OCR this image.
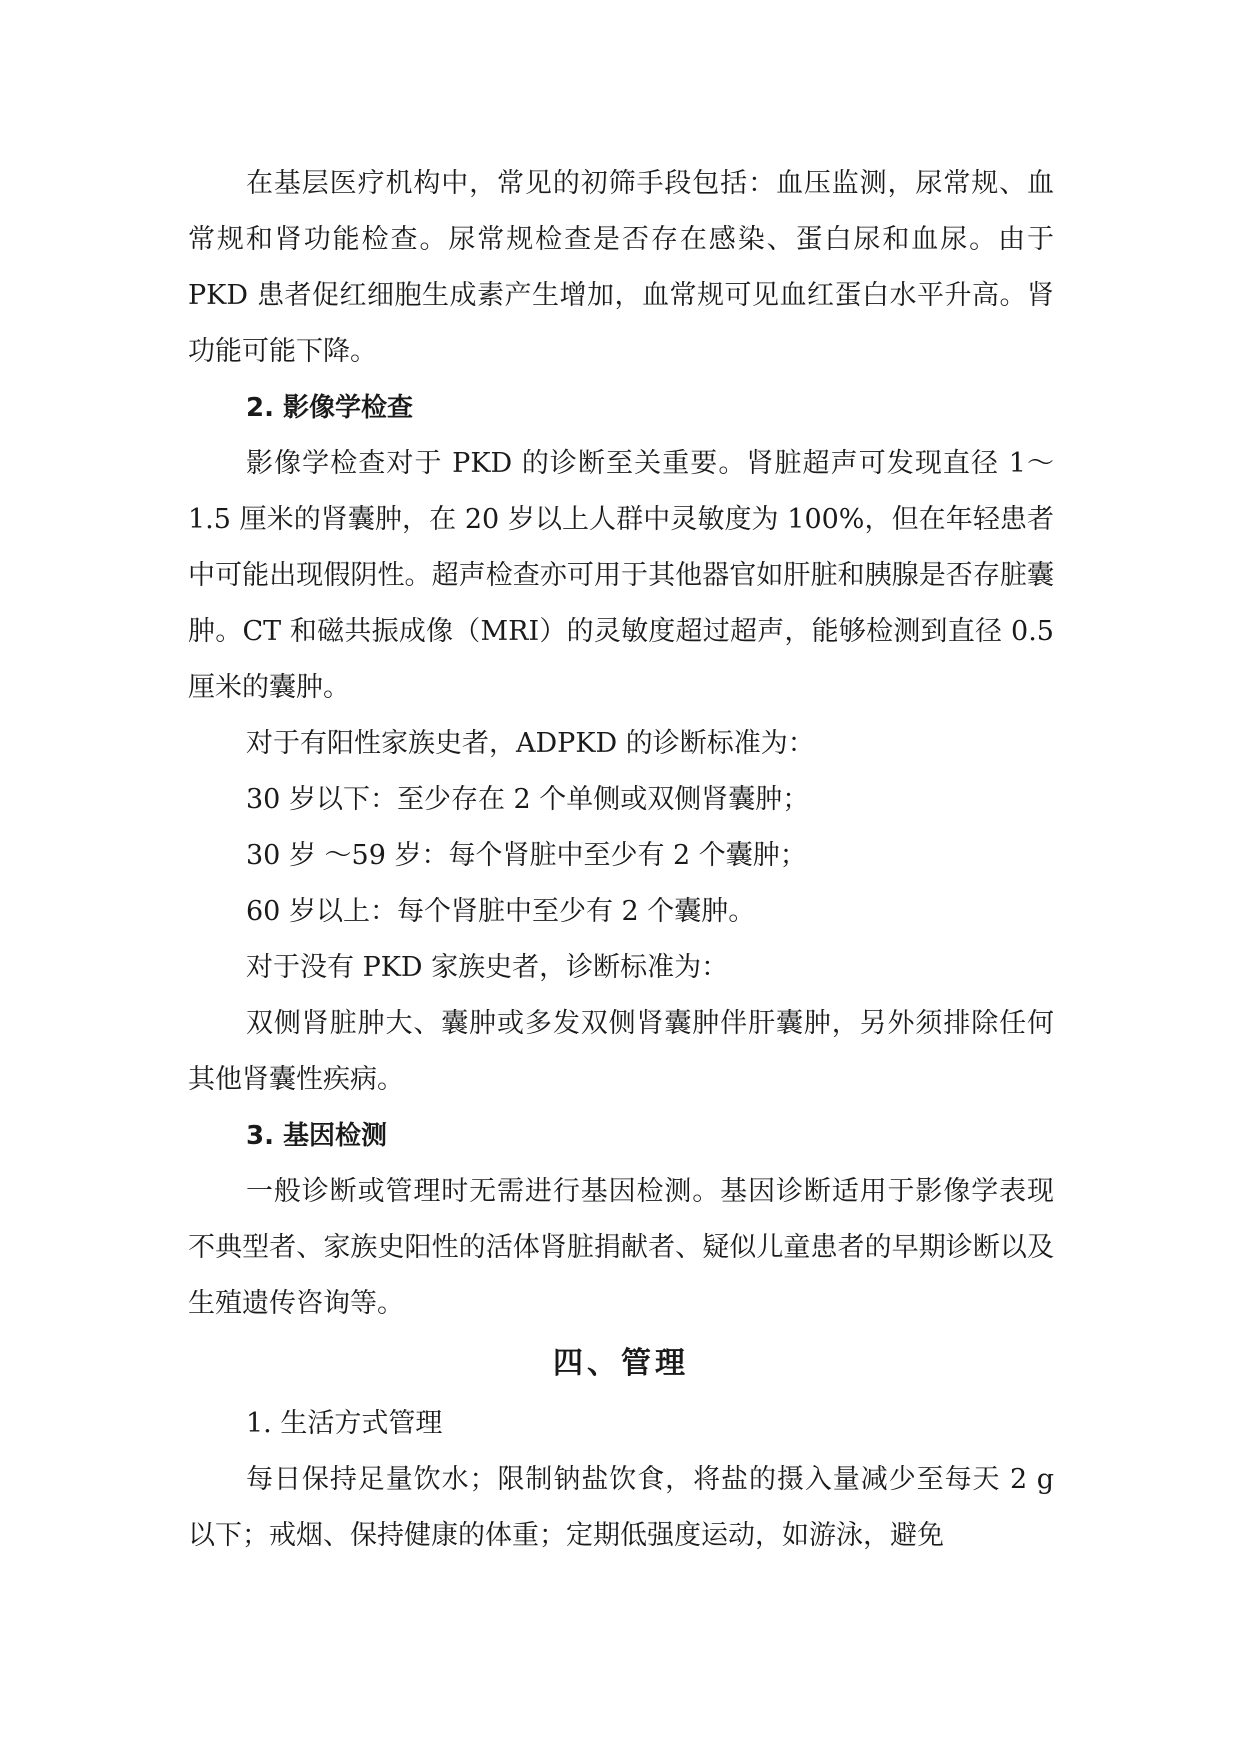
在基层医疗机构中，常见的初筛手段包括：血压监测，尿常规、血常规和肾功能检查。尿常规检查是否存在感染、蛋白尿和血尿。由于 PKD 患者促红细胞生成素产生增加，血常规可见血红蛋白水平升高。肾功能可能下降。

2. 影像学检查

影像学检查对于 PKD 的诊断至关重要。肾脏超声可发现直径 1～1.5 厘米的肾囊肿，在 20 岁以上人群中灵敏度为 100%，但在年轻患者中可能出现假阴性。超声检查亦可用于其他器官如肝脏和胰腺是否存脏囊肿。CT 和磁共振成像（MRI）的灵敏度超过超声，能够检测到直径 0.5 厘米的囊肿。

对于有阳性家族史者，ADPKD 的诊断标准为：

30 岁以下：至少存在 2 个单侧或双侧肾囊肿；

30 岁 ～59 岁：每个肾脏中至少有 2 个囊肿；

60 岁以上：每个肾脏中至少有 2 个囊肿。

对于没有 PKD 家族史者，诊断标准为：

双侧肾脏肿大、囊肿或多发双侧肾囊肿伴肝囊肿，另外须排除任何其他肾囊性疾病。

3. 基因检测

一般诊断或管理时无需进行基因检测。基因诊断适用于影像学表现不典型者、家族史阳性的活体肾脏捐献者、疑似儿童患者的早期诊断以及生殖遗传咨询等。

四、管理

1. 生活方式管理

每日保持足量饮水；限制钠盐饮食，将盐的摄入量减少至每天 2 g 以下；戒烟、保持健康的体重；定期低强度运动，如游泳，避免
